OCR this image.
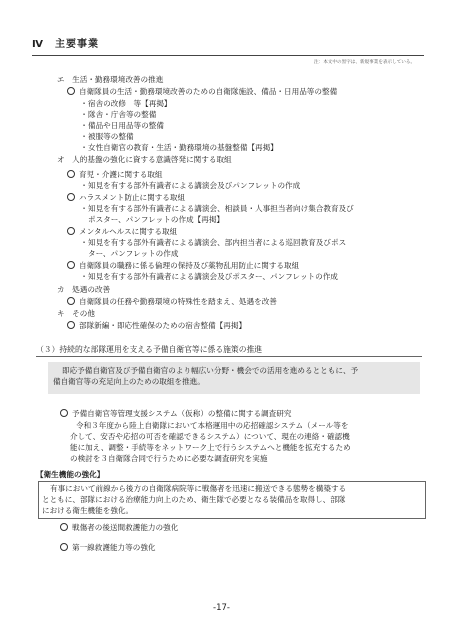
Ⅳ　主要事業
注：本文中の黒字は、新規事業を表示している。
エ　生活・勤務環境改善の推進
自衛隊員の生活・勤務環境改善のための自衛隊施設、備品・日用品等の整備
・宿舎の改修　等【再掲】
・隊舎・庁舎等の整備
・備品や日用品等の整備
・被服等の整備
・女性自衛官の教育・生活・勤務環境の基盤整備【再掲】
オ　人的基盤の強化に資する意識啓発に関する取組
育児・介護に関する取組
・知見を有する部外有識者による講演会及びパンフレットの作成
ハラスメント防止に関する取組
・知見を有する部外有識者による講演会、相談員・人事担当者向け集合教育及び
ポスター、パンフレットの作成【再掲】
メンタルヘルスに関する取組
・知見を有する部外有識者による講演会、部内担当者による巡回教育及びポス
ター、パンフレットの作成
自衛隊員の職務に係る倫理の保持及び薬物乱用防止に関する取組
・知見を有する部外有識者による講演会及びポスター、パンフレットの作成
カ　処遇の改善
自衛隊員の任務や勤務環境の特殊性を踏まえ、処遇を改善
キ　その他
部隊新編・即応性確保のための宿舎整備【再掲】
（３）持続的な部隊運用を支える予備自衛官等に係る施策の推進
即応予備自衛官及び予備自衛官のより幅広い分野・機会での活用を進めるとともに、予
備自衛官等の充足向上のための取組を推進。
予備自衛官等管理支援システム（仮称）の整備に関する調査研究
令和３年度から陸上自衛隊において本格運用中の応招確認システム（メール等を
介して、安否や応招の可否を確認できるシステム）について、現在の連絡・確認機
能に加え、調整・手続等をネットワーク上で行うシステムへと機能を拡充するため
の検討を３自衛隊合同で行うために必要な調査研究を実施
【衛生機能の強化】
有事において前線から後方の自衛隊病院等に戦傷者を迅速に搬送できる態勢を構築する
とともに、部隊における治療能力向上のため、衛生隊で必要となる装備品を取得し、部隊
における衛生機能を強化。
戦傷者の後送間救護能力の強化
第一線救護能力等の強化
-17-
